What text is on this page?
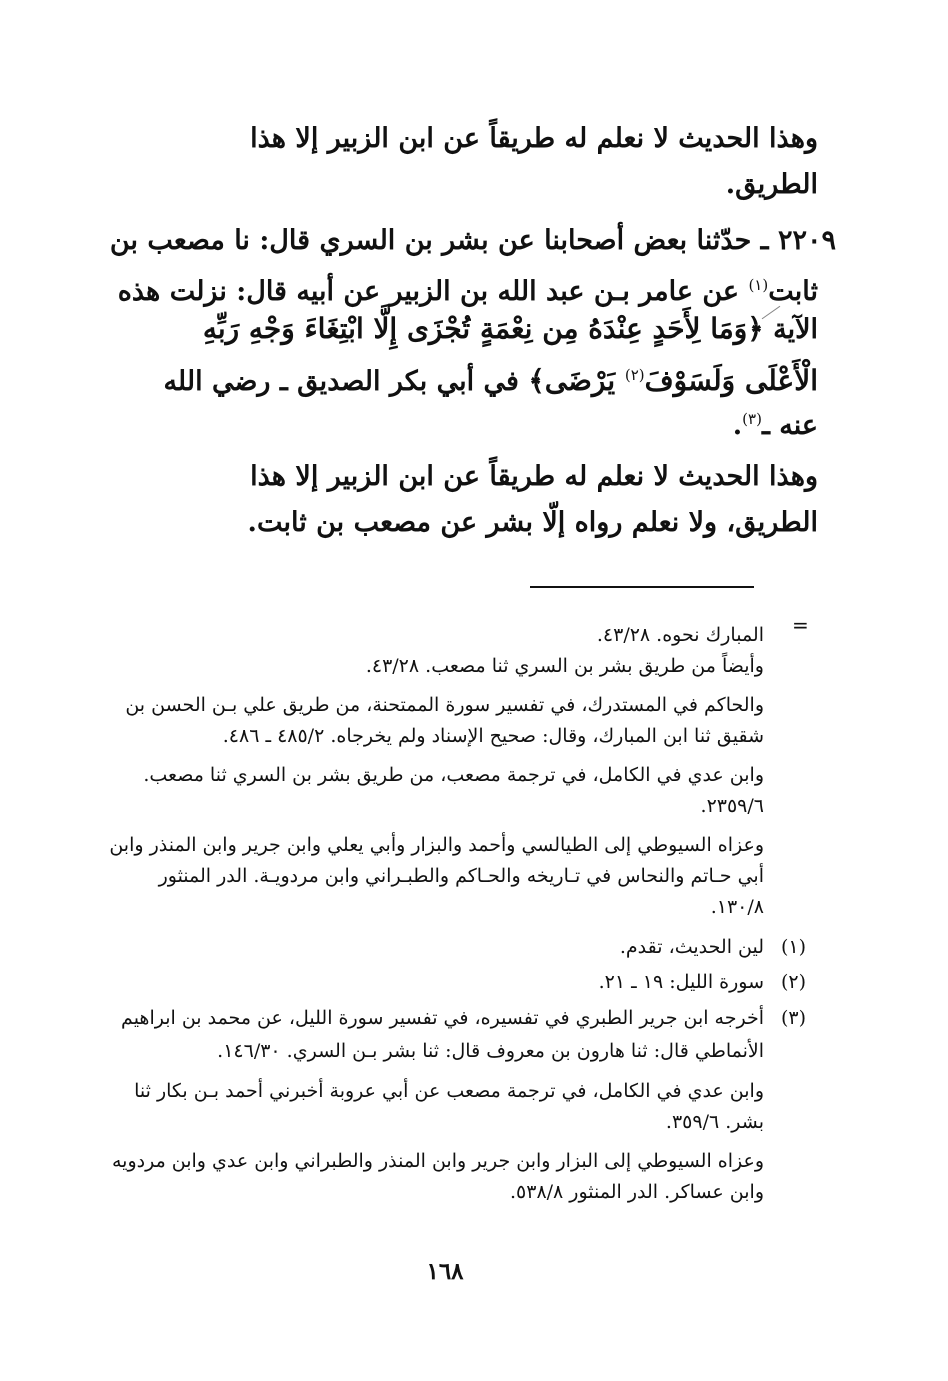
وهذا الحديث لا نعلم له طريقاً عن ابن الزبير إلا هذا
الطريق.
٢٢٠٩ ـ حدّثنا بعض أصحابنا عن بشر بن السري قال: نا مصعب بن
ثابت$^{(١)}$ عن عامر بـن عبد الله بن الزبير عن أبيه قال: نزلت هذه
الآية ﴿وَمَا لِأَحَدٍ عِنْدَهُ مِن نِعْمَةٍ تُجْزَى إِلَّا ابْتِغَاءَ وَجْهِ رَبِّهِ
الْأَعْلَى وَلَسَوْفَ$^{(٢)}$ يَرْضَى﴾ في أبي بكر الصديق ـ رضي الله
عنه ـ$^{(٣)}$.
وهذا الحديث لا نعلم له طريقاً عن ابن الزبير إلا هذا
الطريق، ولا نعلم رواه إلّا بشر عن مصعب بن ثابت.
=
المبارك نحوه. ٤٣/٢٨.
وأيضاً من طريق بشر بن السري ثنا مصعب. ٤٣/٢٨.
والحاكم في المستدرك، في تفسير سورة الممتحنة، من طريق علي بـن الحسن بن
شقيق ثنا ابن المبارك، وقال: صحيح الإسناد ولم يخرجاه. ٤٨٥/٢ ـ ٤٨٦.
وابن عدي في الكامل، في ترجمة مصعب، من طريق بشر بن السري ثنا مصعب.
٢٣٥٩/٦.
وعزاه السيوطي إلى الطيالسي وأحمد والبزار وأبي يعلي وابن جرير وابن المنذر وابن
أبي حـاتم والنحاس في تـاريخه والحـاكم والطبـراني وابن مردويـة. الدر المنثور
١٣٠/٨.
(١)
لين الحديث، تقدم.
(٢)
سورة الليل: ١٩ ـ ٢١.
(٣)
أخرجه ابن جرير الطبري في تفسيره، في تفسير سورة الليل، عن محمد بن ابراهيم
الأنماطي قال: ثنا هارون بن معروف قال: ثنا بشر بـن السري. ١٤٦/٣٠.
وابن عدي في الكامل، في ترجمة مصعب عن أبي عروبة أخبرني أحمد بـن بكار ثنا
بشر. ٣٥٩/٦.
وعزاه السيوطي إلى البزار وابن جرير وابن المنذر والطبراني وابن عدي وابن مردويه
وابن عساكر. الدر المنثور ٥٣٨/٨.
١٦٨
